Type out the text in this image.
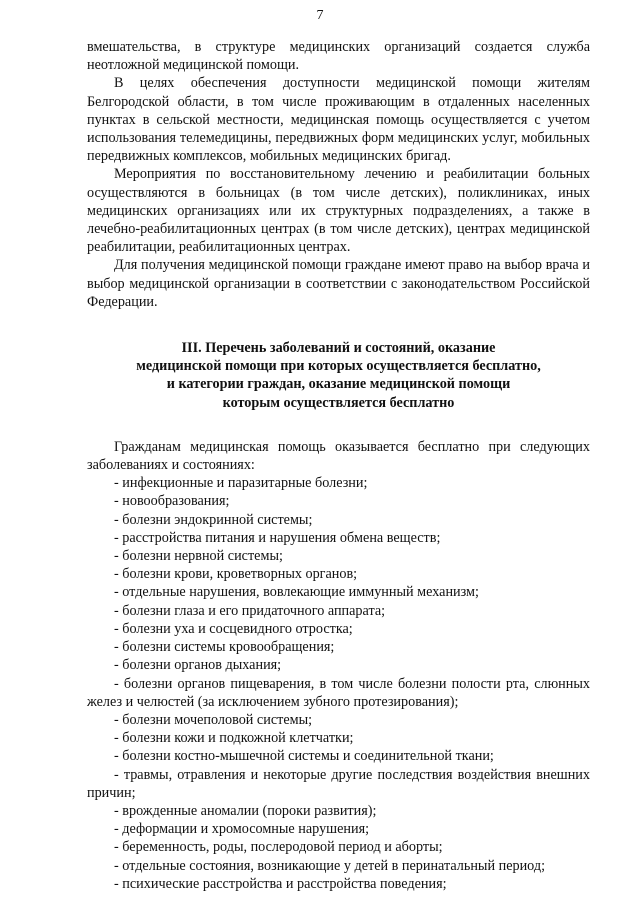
7

вмешательства, в структуре медицинских организаций создается служба неотложной медицинской помощи.

В целях обеспечения доступности медицинской помощи жителям Белгородской области, в том числе проживающим в отдаленных населенных пунктах в сельской местности, медицинская помощь осуществляется с учетом использования телемедицины, передвижных форм медицинских услуг, мобильных передвижных комплексов, мобильных медицинских бригад.

Мероприятия по восстановительному лечению и реабилитации больных осуществляются в больницах (в том числе детских), поликлиниках, иных медицинских организациях или их структурных подразделениях, а также в лечебно-реабилитационных центрах (в том числе детских), центрах медицинской реабилитации, реабилитационных центрах.

Для получения медицинской помощи граждане имеют право на выбор врача и выбор медицинской организации в соответствии с законодательством Российской Федерации.

III. Перечень заболеваний и состояний, оказание
медицинской помощи при которых осуществляется бесплатно,
и категории граждан, оказание медицинской помощи
которым осуществляется бесплатно

Гражданам медицинская помощь оказывается бесплатно при следующих заболеваниях и состояниях:

- инфекционные и паразитарные болезни;
- новообразования;
- болезни эндокринной системы;
- расстройства питания и нарушения обмена веществ;
- болезни нервной системы;
- болезни крови, кроветворных органов;
- отдельные нарушения, вовлекающие иммунный механизм;
- болезни глаза и его придаточного аппарата;
- болезни уха и сосцевидного отростка;
- болезни системы кровообращения;
- болезни органов дыхания;
- болезни органов пищеварения, в том числе болезни полости рта, слюнных желез и челюстей (за исключением зубного протезирования);
- болезни мочеполовой системы;
- болезни кожи и подкожной клетчатки;
- болезни костно-мышечной системы и соединительной ткани;
- травмы, отравления и некоторые другие последствия воздействия внешних причин;
- врожденные аномалии (пороки развития);
- деформации и хромосомные нарушения;
- беременность, роды, послеродовой период и аборты;
- отдельные состояния, возникающие у детей в перинатальный период;
- психические расстройства и расстройства поведения;
